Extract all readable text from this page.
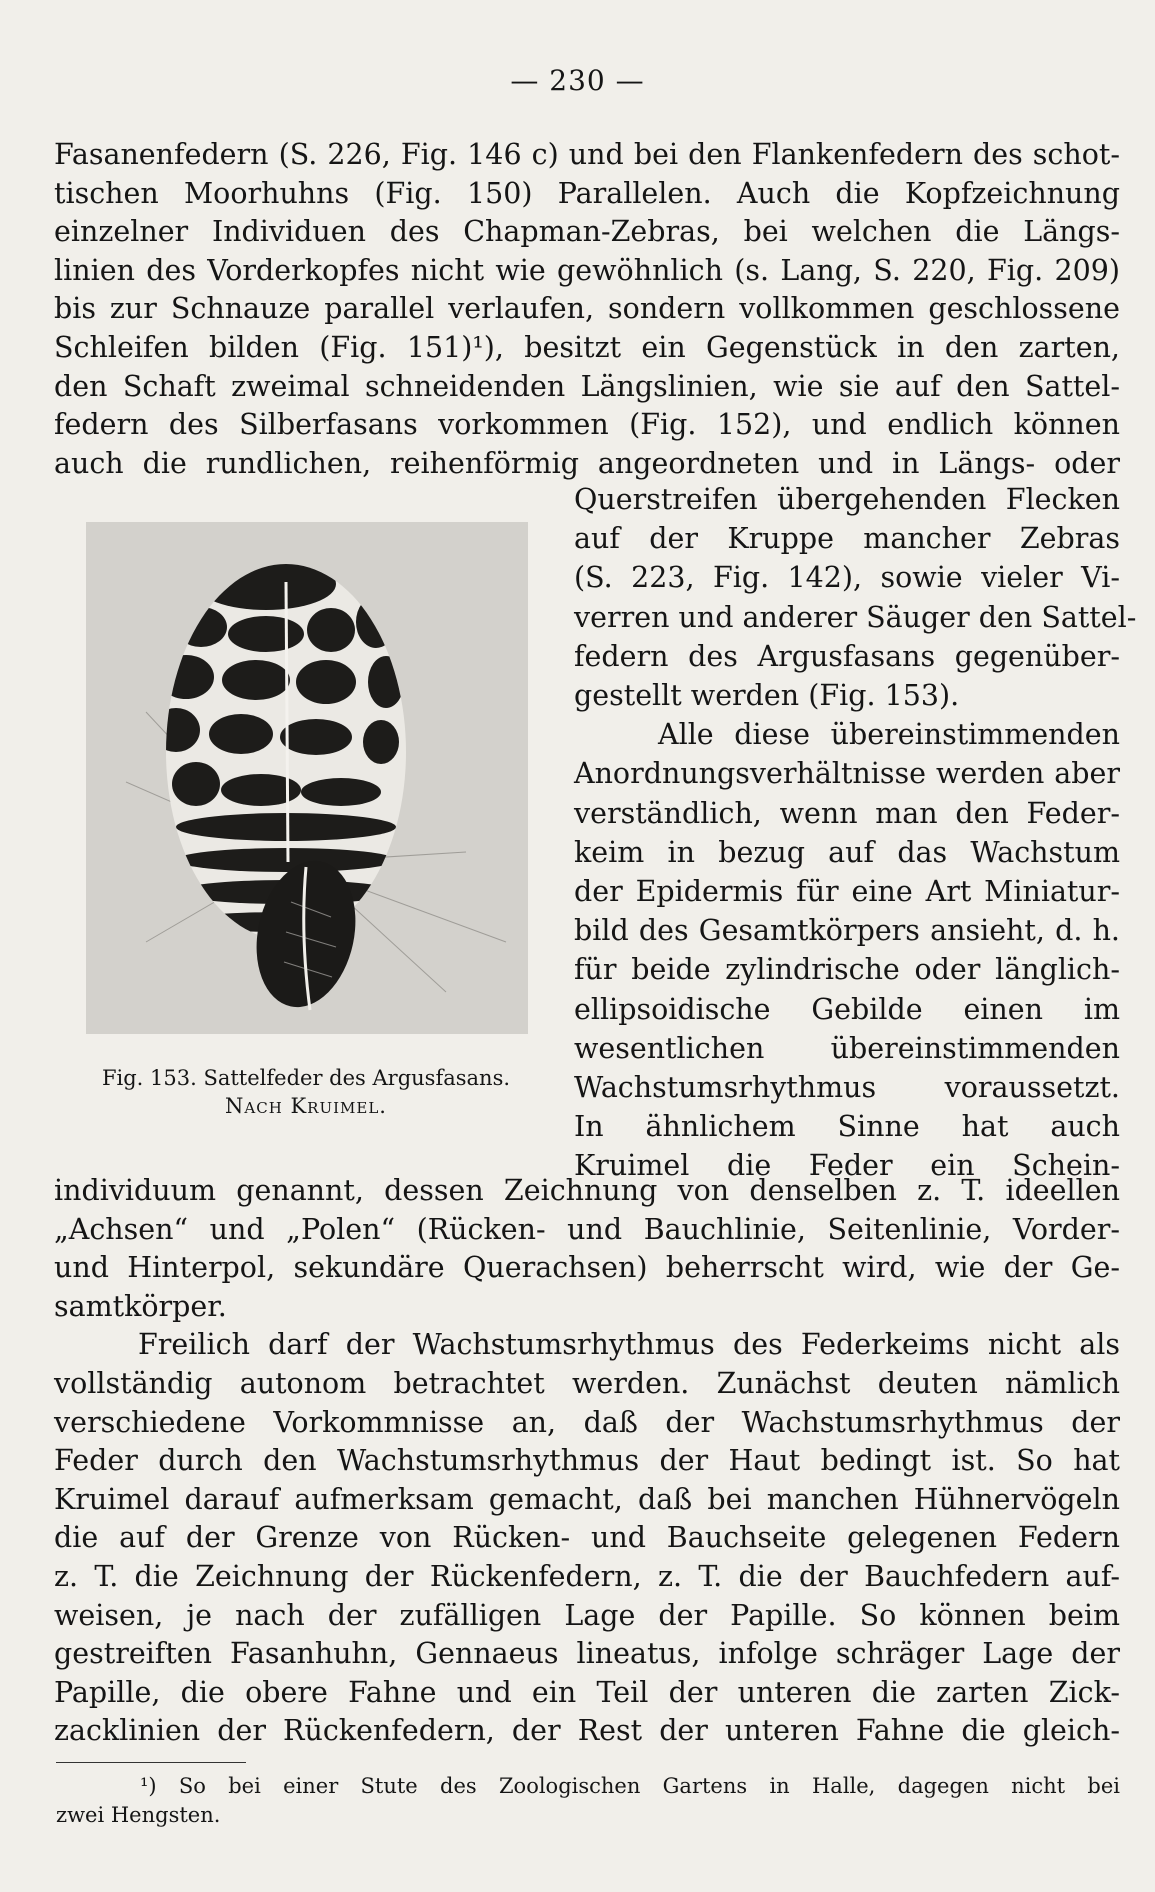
— 230 —
Fasanenfedern (S. 226, Fig. 146 c) und bei den Flankenfedern des schot-
tischen Moorhuhns (Fig. 150) Parallelen. Auch die Kopfzeichnung
einzelner Individuen des Chapman-Zebras, bei welchen die Längs-
linien des Vorderkopfes nicht wie gewöhnlich (s. Lang, S. 220, Fig. 209)
bis zur Schnauze parallel verlaufen, sondern vollkommen geschlossene
Schleifen bilden (Fig. 151)¹), besitzt ein Gegenstück in den zarten,
den Schaft zweimal schneidenden Längslinien, wie sie auf den Sattel-
federn des Silberfasans vorkommen (Fig. 152), und endlich können
auch die rundlichen, reihenförmig angeordneten und in Längs- oder
Fig. 153. Sattelfeder des Argusfasans.
Nach Kruimel.
Querstreifen übergehenden Flecken
auf der Kruppe mancher Zebras
(S. 223, Fig. 142), sowie vieler Vi-
verren und anderer Säuger den Sattel-
federn des Argusfasans gegenüber-
gestellt werden (Fig. 153).
Alle diese übereinstimmenden
Anordnungsverhältnisse werden aber
verständlich, wenn man den Feder-
keim in bezug auf das Wachstum
der Epidermis für eine Art Miniatur-
bild des Gesamtkörpers ansieht, d. h.
für beide zylindrische oder länglich-
ellipsoidische Gebilde einen im
wesentlichen übereinstimmenden
Wachstumsrhythmus voraussetzt.
In ähnlichem Sinne hat auch
Kruimel die Feder ein Schein-
individuum genannt, dessen Zeichnung von denselben z. T. ideellen
„Achsen“ und „Polen“ (Rücken- und Bauchlinie, Seitenlinie, Vorder-
und Hinterpol, sekundäre Querachsen) beherrscht wird, wie der Ge-
samtkörper.
Freilich darf der Wachstumsrhythmus des Federkeims nicht als
vollständig autonom betrachtet werden. Zunächst deuten nämlich
verschiedene Vorkommnisse an, daß der Wachstumsrhythmus der
Feder durch den Wachstumsrhythmus der Haut bedingt ist. So hat
Kruimel darauf aufmerksam gemacht, daß bei manchen Hühnervögeln
die auf der Grenze von Rücken- und Bauchseite gelegenen Federn
z. T. die Zeichnung der Rückenfedern, z. T. die der Bauchfedern auf-
weisen, je nach der zufälligen Lage der Papille. So können beim
gestreiften Fasanhuhn, Gennaeus lineatus, infolge schräger Lage der
Papille, die obere Fahne und ein Teil der unteren die zarten Zick-
zacklinien der Rückenfedern, der Rest der unteren Fahne die gleich-
¹) So bei einer Stute des Zoologischen Gartens in Halle, dagegen nicht bei
zwei Hengsten.
